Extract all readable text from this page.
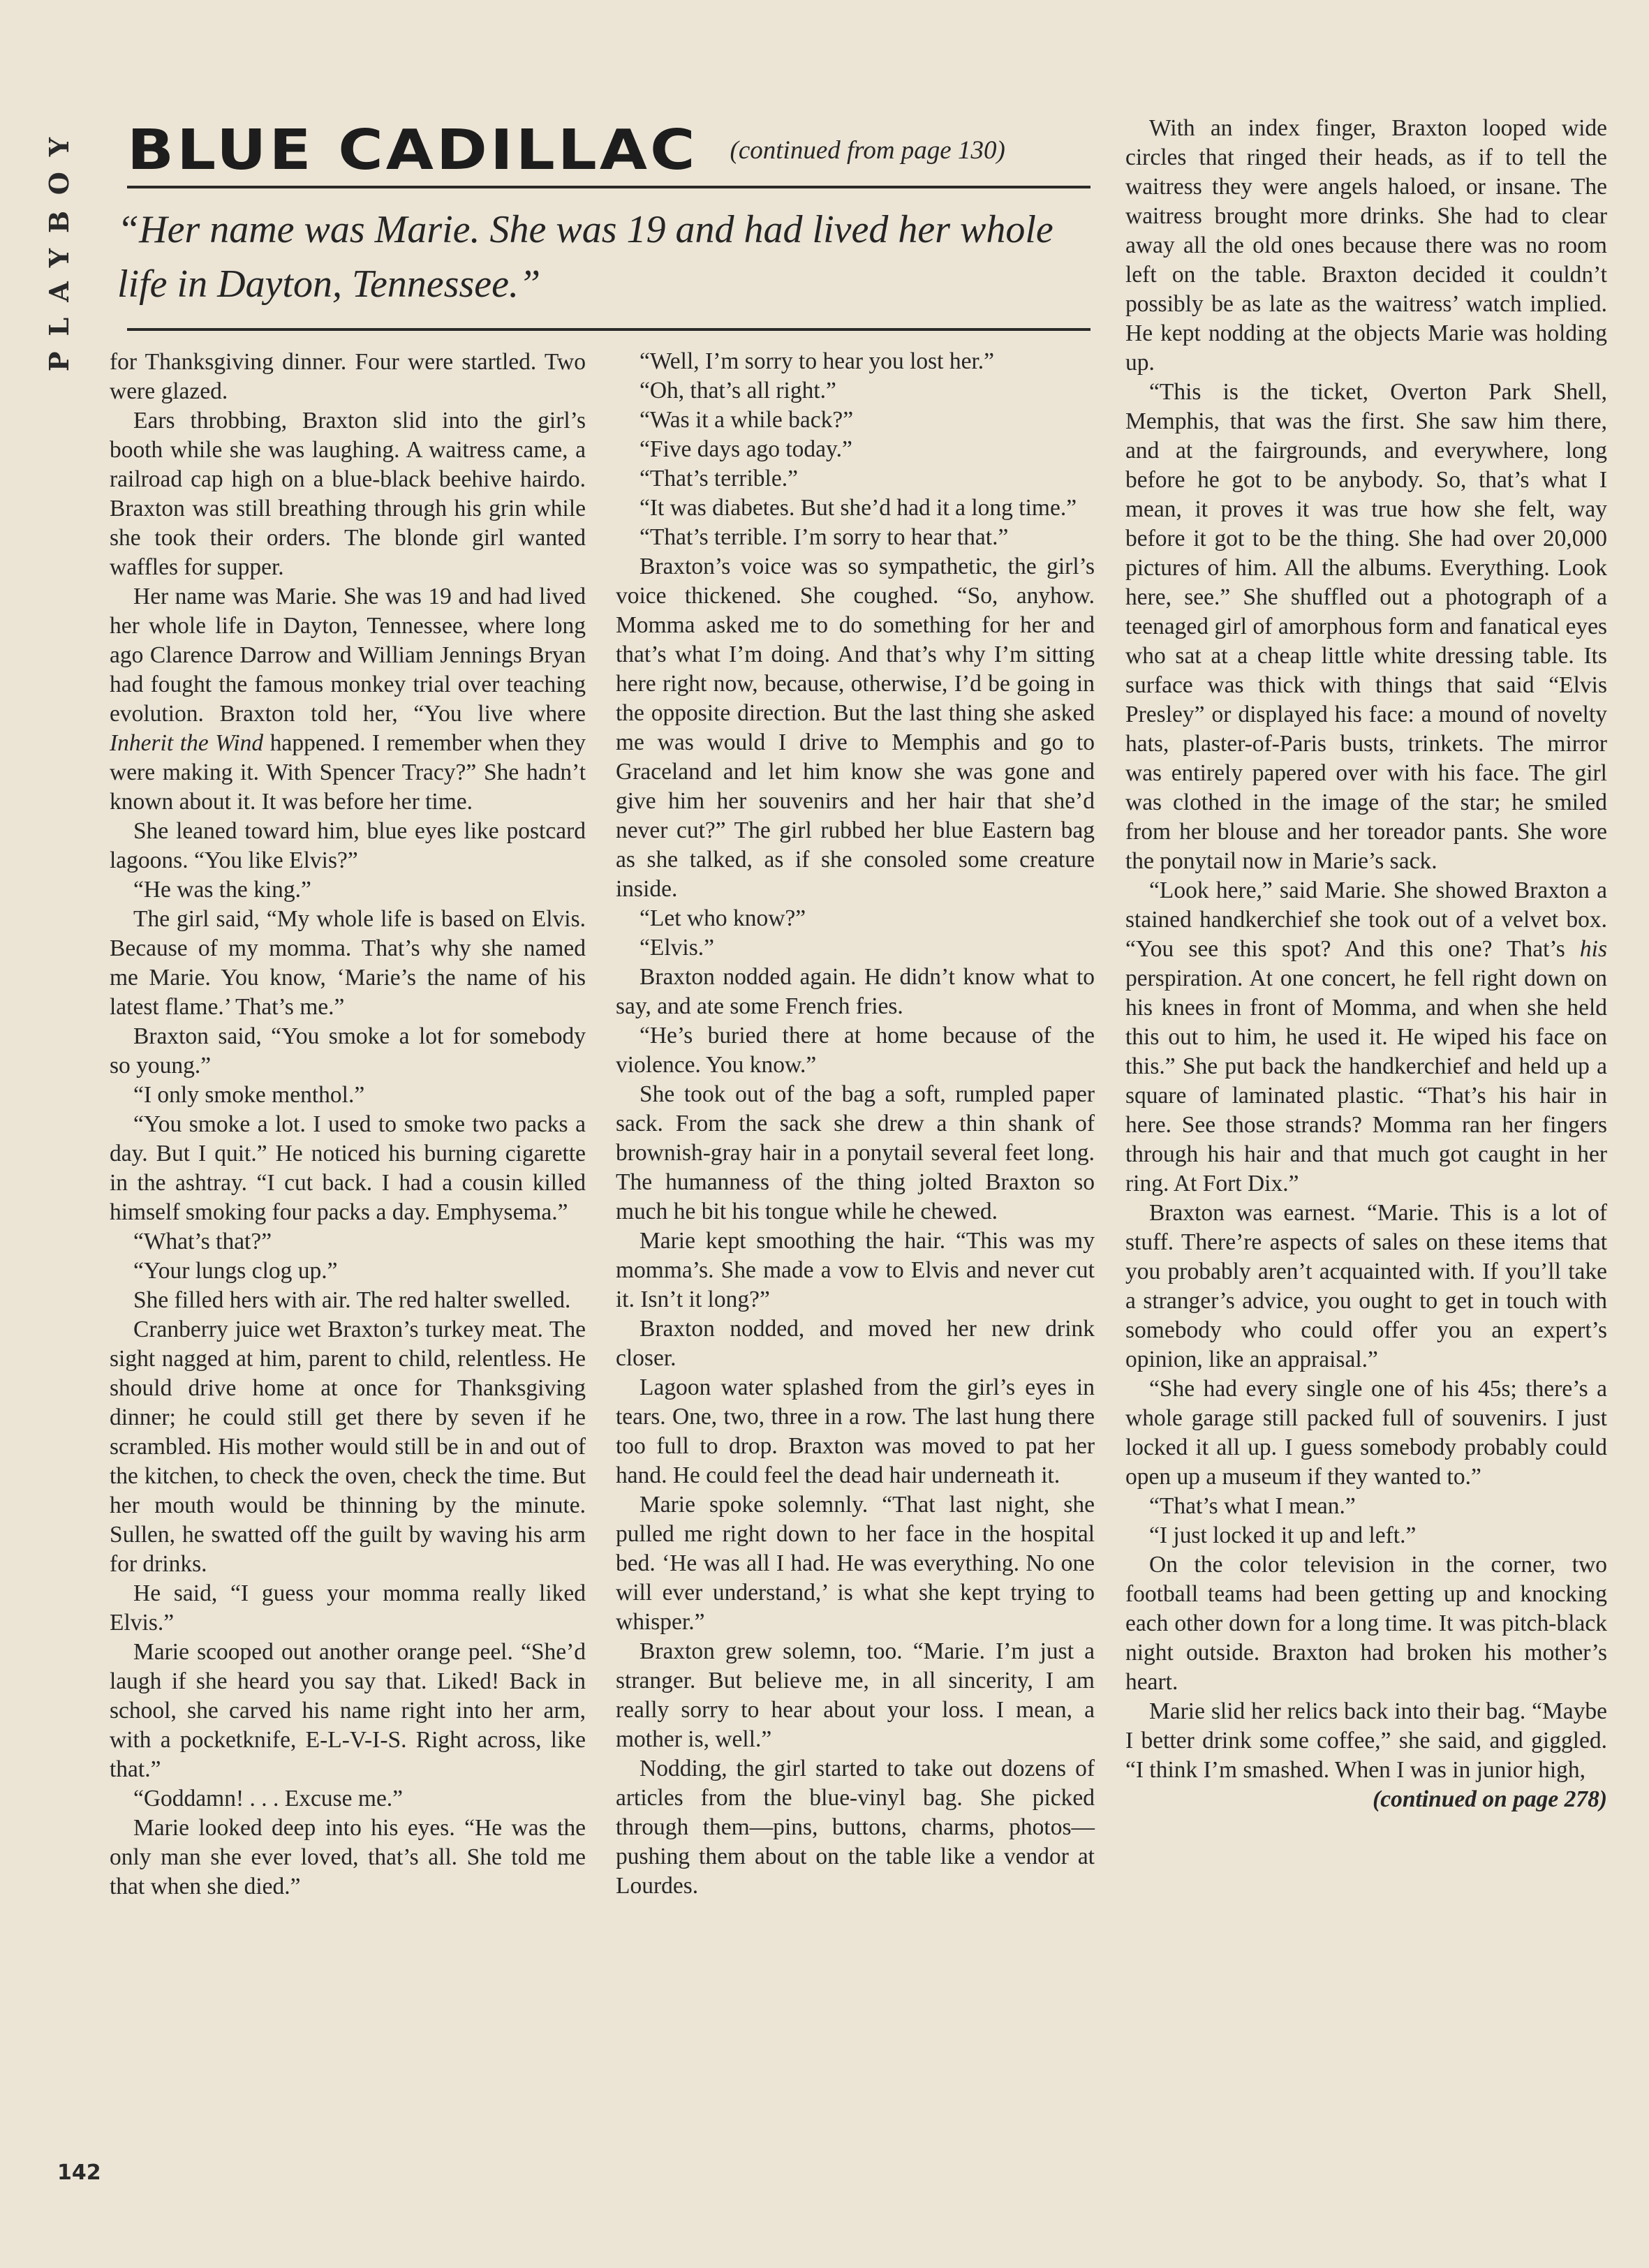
PLAYBOY BLUE CADILLAC (continued from page 130)
“Her name was Marie. She was 19 and had lived her whole life in Dayton, Tennessee.”

for Thanksgiving dinner. Four were startled. Two were glazed.

Ears throbbing, Braxton slid into the girl’s booth while she was laughing. A waitress came, a railroad cap high on a blue-black beehive hairdo. Braxton was still breathing through his grin while she took their orders. The blonde girl wanted waffles for supper.

Her name was Marie. She was 19 and had lived her whole life in Dayton, Tennessee, where long ago Clarence Darrow and William Jennings Bryan had fought the famous monkey trial over teaching evolution. Braxton told her, “You live where Inherit the Wind happened. I remember when they were making it. With Spencer Tracy?” She hadn’t known about it. It was before her time.

She leaned toward him, blue eyes like postcard lagoons. “You like Elvis?”

“He was the king.”

The girl said, “My whole life is based on Elvis. Because of my momma. That’s why she named me Marie. You know, ‘Marie’s the name of his latest flame.’ That’s me.”

Braxton said, “You smoke a lot for somebody so young.”

“I only smoke menthol.”

“You smoke a lot. I used to smoke two packs a day. But I quit.” He noticed his burning cigarette in the ashtray. “I cut back. I had a cousin killed himself smoking four packs a day. Emphysema.”

“What’s that?”

“Your lungs clog up.”

She filled hers with air. The red halter swelled.

Cranberry juice wet Braxton’s turkey meat. The sight nagged at him, parent to child, relentless. He should drive home at once for Thanksgiving dinner; he could still get there by seven if he scrambled. His mother would still be in and out of the kitchen, to check the oven, check the time. But her mouth would be thinning by the minute. Sullen, he swatted off the guilt by waving his arm for drinks.

He said, “I guess your momma really liked Elvis.”

Marie scooped out another orange peel. “She’d laugh if she heard you say that. Liked! Back in school, she carved his name right into her arm, with a pocketknife, E-L-V-I-S. Right across, like that.”

“Goddamn! . . . Excuse me.”

Marie looked deep into his eyes. “He was the only man she ever loved, that’s all. She told me that when she died.”

“Well, I’m sorry to hear you lost her.”

“Oh, that’s all right.”

“Was it a while back?”

“Five days ago today.”

“That’s terrible.”

“It was diabetes. But she’d had it a long time.”

“That’s terrible. I’m sorry to hear that.”

Braxton’s voice was so sympathetic, the girl’s voice thickened. She coughed. “So, anyhow. Momma asked me to do something for her and that’s what I’m doing. And that’s why I’m sitting here right now, because, otherwise, I’d be going in the opposite direction. But the last thing she asked me was would I drive to Memphis and go to Graceland and let him know she was gone and give him her souvenirs and her hair that she’d never cut?” The girl rubbed her blue Eastern bag as she talked, as if she consoled some creature inside.

“Let who know?”

“Elvis.”

Braxton nodded again. He didn’t know what to say, and ate some French fries.

“He’s buried there at home because of the violence. You know.”

She took out of the bag a soft, rumpled paper sack. From the sack she drew a thin shank of brownish-gray hair in a ponytail several feet long. The humanness of the thing jolted Braxton so much he bit his tongue while he chewed.

Marie kept smoothing the hair. “This was my momma’s. She made a vow to Elvis and never cut it. Isn’t it long?”

Braxton nodded, and moved her new drink closer.

Lagoon water splashed from the girl’s eyes in tears. One, two, three in a row. The last hung there too full to drop. Braxton was moved to pat her hand. He could feel the dead hair underneath it.

Marie spoke solemnly. “That last night, she pulled me right down to her face in the hospital bed. ‘He was all I had. He was everything. No one will ever understand,’ is what she kept trying to whisper.”

Braxton grew solemn, too. “Marie. I’m just a stranger. But believe me, in all sincerity, I am really sorry to hear about your loss. I mean, a mother is, well.”

Nodding, the girl started to take out dozens of articles from the blue-vinyl bag. She picked through them—pins, buttons, charms, photos—pushing them about on the table like a vendor at Lourdes.

With an index finger, Braxton looped wide circles that ringed their heads, as if to tell the waitress they were angels haloed, or insane. The waitress brought more drinks. She had to clear away all the old ones because there was no room left on the table. Braxton decided it couldn’t possibly be as late as the waitress’ watch implied. He kept nodding at the objects Marie was holding up.

“This is the ticket, Overton Park Shell, Memphis, that was the first. She saw him there, and at the fairgrounds, and everywhere, long before he got to be anybody. So, that’s what I mean, it proves it was true how she felt, way before it got to be the thing. She had over 20,000 pictures of him. All the albums. Everything. Look here, see.” She shuffled out a photograph of a teenaged girl of amorphous form and fanatical eyes who sat at a cheap little white dressing table. Its surface was thick with things that said “Elvis Presley” or displayed his face: a mound of novelty hats, plaster-of-Paris busts, trinkets. The mirror was entirely papered over with his face. The girl was clothed in the image of the star; he smiled from her blouse and her toreador pants. She wore the ponytail now in Marie’s sack.

“Look here,” said Marie. She showed Braxton a stained handkerchief she took out of a velvet box. “You see this spot? And this one? That’s his perspiration. At one concert, he fell right down on his knees in front of Momma, and when she held this out to him, he used it. He wiped his face on this.” She put back the handkerchief and held up a square of laminated plastic. “That’s his hair in here. See those strands? Momma ran her fingers through his hair and that much got caught in her ring. At Fort Dix.”

Braxton was earnest. “Marie. This is a lot of stuff. There’re aspects of sales on these items that you probably aren’t acquainted with. If you’ll take a stranger’s advice, you ought to get in touch with somebody who could offer you an expert’s opinion, like an appraisal.”

“She had every single one of his 45s; there’s a whole garage still packed full of souvenirs. I just locked it all up. I guess somebody probably could open up a museum if they wanted to.”

“That’s what I mean.”

“I just locked it up and left.”

On the color television in the corner, two football teams had been getting up and knocking each other down for a long time. It was pitch-black night outside. Braxton had broken his mother’s heart.

Marie slid her relics back into their bag. “Maybe I better drink some coffee,” she said, and giggled. “I think I’m smashed. When I was in junior high,

(continued on page 278)

142
